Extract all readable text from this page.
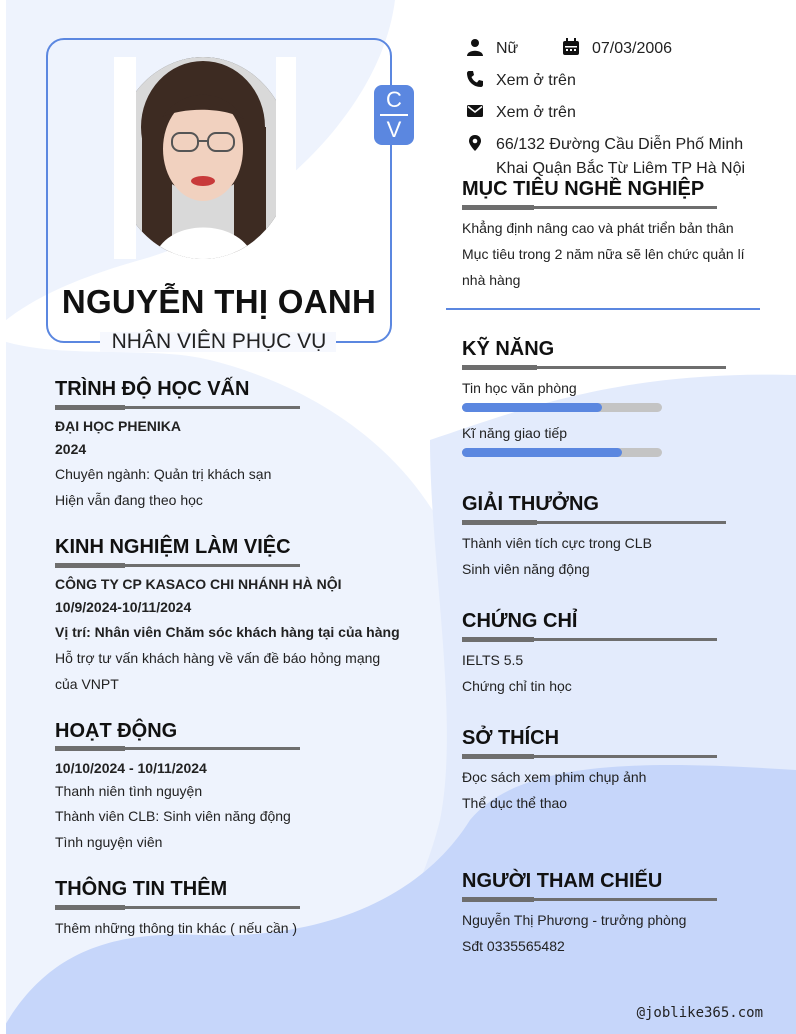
C
V
NGUYỄN THỊ OANH
NHÂN VIÊN PHỤC VỤ
Nữ	07/03/2006
Xem ở trên
Xem ở trên
66/132 Đường Cầu Diễn Phố Minh
Khai Quận Bắc Từ Liêm TP Hà Nội
TRÌNH ĐỘ HỌC VẤN
ĐẠI HỌC PHENIKA
2024
Chuyên ngành: Quản trị khách sạn
Hiện vẫn đang theo học
KINH NGHIỆM LÀM VIỆC
CÔNG TY CP KASACO CHI NHÁNH HÀ NỘI
10/9/2024-10/11/2024
Vị trí: Nhân viên Chăm sóc khách hàng tại của hàng
Hỗ trợ tư vấn khách hàng về vấn đề báo hỏng mạng
của VNPT
HOẠT ĐỘNG
10/10/2024 - 10/11/2024
Thanh niên tình nguyện
Thành viên CLB: Sinh viên năng động
Tình nguyện viên
THÔNG TIN THÊM
Thêm những thông tin khác ( nếu cần )
MỤC TIÊU NGHỀ NGHIỆP
Khẳng định nâng cao và phát triển bản thân
Mục tiêu trong 2 năm nữa sẽ lên chức quản lí
nhà hàng
KỸ NĂNG
Tin học văn phòng
Kĩ năng giao tiếp
GIẢI THƯỞNG
Thành viên tích cực trong CLB
Sinh viên năng động
CHỨNG CHỈ
IELTS 5.5
Chứng chỉ tin học
SỞ THÍCH
Đọc sách xem phim chụp ảnh
Thể dục thể thao
NGƯỜI THAM CHIẾU
Nguyễn Thị Phương - trưởng phòng
Sđt 0335565482
@joblike365.com
